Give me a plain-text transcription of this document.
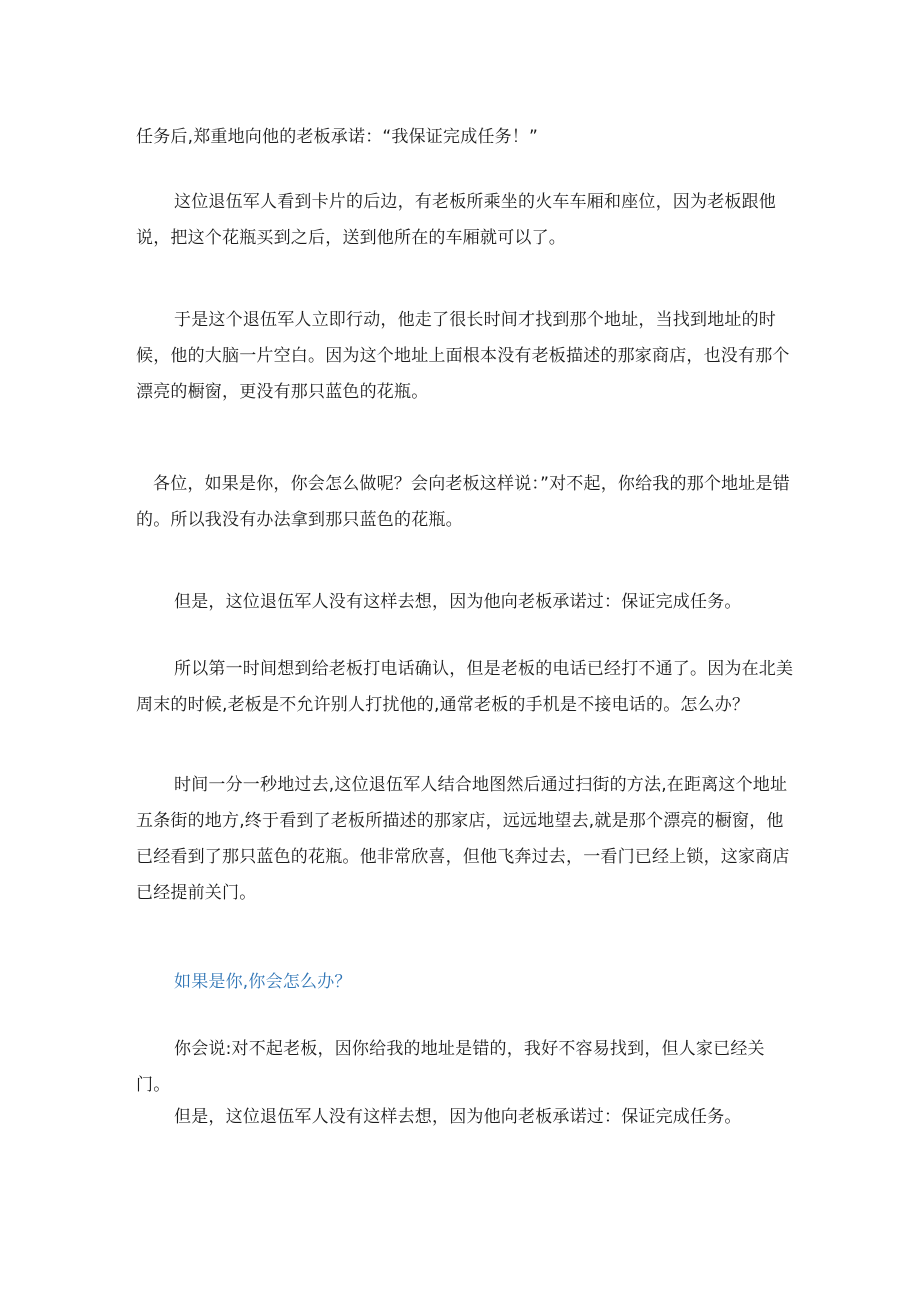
任务后,郑重地向他的老板承诺：“我保证完成任务！”

这位退伍军人看到卡片的后边，有老板所乘坐的火车车厢和座位，因为老板跟他说，把这个花瓶买到之后，送到他所在的车厢就可以了。

于是这个退伍军人立即行动，他走了很长时间才找到那个地址，当找到地址的时候，他的大脑一片空白。因为这个地址上面根本没有老板描述的那家商店，也没有那个漂亮的橱窗，更没有那只蓝色的花瓶。

各位，如果是你，你会怎么做呢？会向老板这样说：”对不起，你给我的那个地址是错的。所以我没有办法拿到那只蓝色的花瓶。

但是，这位退伍军人没有这样去想，因为他向老板承诺过：保证完成任务。

所以第一时间想到给老板打电话确认，但是老板的电话已经打不通了。因为在北美周末的时候,老板是不允许别人打扰他的,通常老板的手机是不接电话的。怎么办？

时间一分一秒地过去,这位退伍军人结合地图然后通过扫街的方法,在距离这个地址五条街的地方,终于看到了老板所描述的那家店，远远地望去,就是那个漂亮的橱窗，他已经看到了那只蓝色的花瓶。他非常欣喜，但他飞奔过去，一看门已经上锁，这家商店已经提前关门。

如果是你,你会怎么办？

你会说:对不起老板，因你给我的地址是错的，我好不容易找到，但人家已经关门。

但是，这位退伍军人没有这样去想，因为他向老板承诺过：保证完成任务。
